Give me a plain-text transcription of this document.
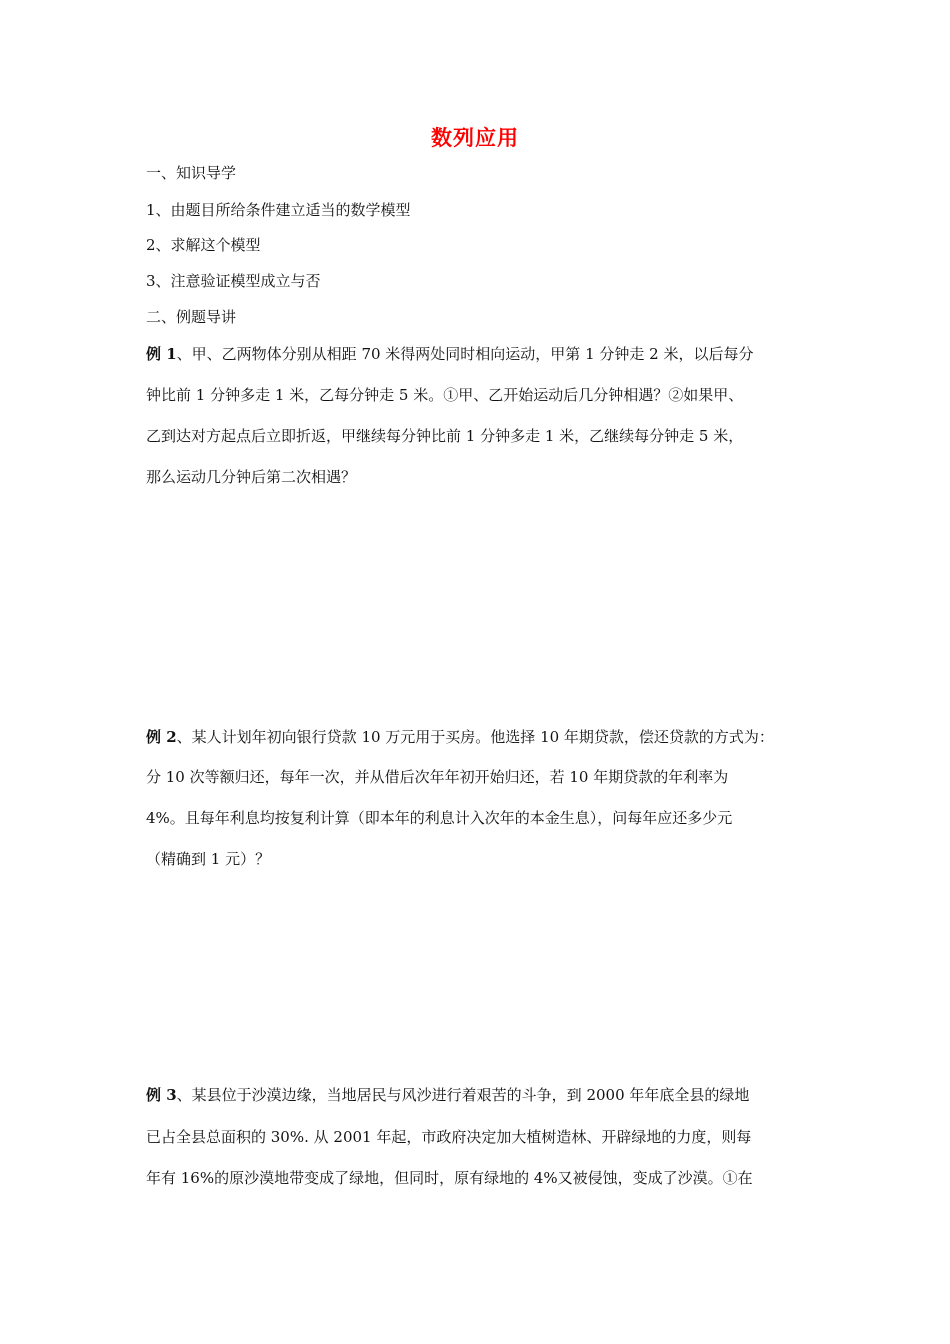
数列应用
一、知识导学
1、由题目所给条件建立适当的数学模型
2、求解这个模型
3、注意验证模型成立与否
二、例题导讲
例 1、甲、乙两物体分别从相距 70 米得两处同时相向运动，甲第 1 分钟走 2 米，以后每分
钟比前 1 分钟多走 1 米，乙每分钟走 5 米。①甲、乙开始运动后几分钟相遇？②如果甲、
乙到达对方起点后立即折返，甲继续每分钟比前 1 分钟多走 1 米，乙继续每分钟走 5 米，
那么运动几分钟后第二次相遇？
例 2、某人计划年初向银行贷款 10 万元用于买房。他选择 10 年期贷款，偿还贷款的方式为：
分 10 次等额归还，每年一次，并从借后次年年初开始归还，若 10 年期贷款的年利率为
4%。且每年利息均按复利计算（即本年的利息计入次年的本金生息），问每年应还多少元
（精确到 1 元）？
例 3、某县位于沙漠边缘，当地居民与风沙进行着艰苦的斗争，到 2000 年年底全县的绿地
已占全县总面积的 30%. 从 2001 年起，市政府决定加大植树造林、开辟绿地的力度，则每
年有 16%的原沙漠地带变成了绿地，但同时，原有绿地的 4%又被侵蚀，变成了沙漠。①在
